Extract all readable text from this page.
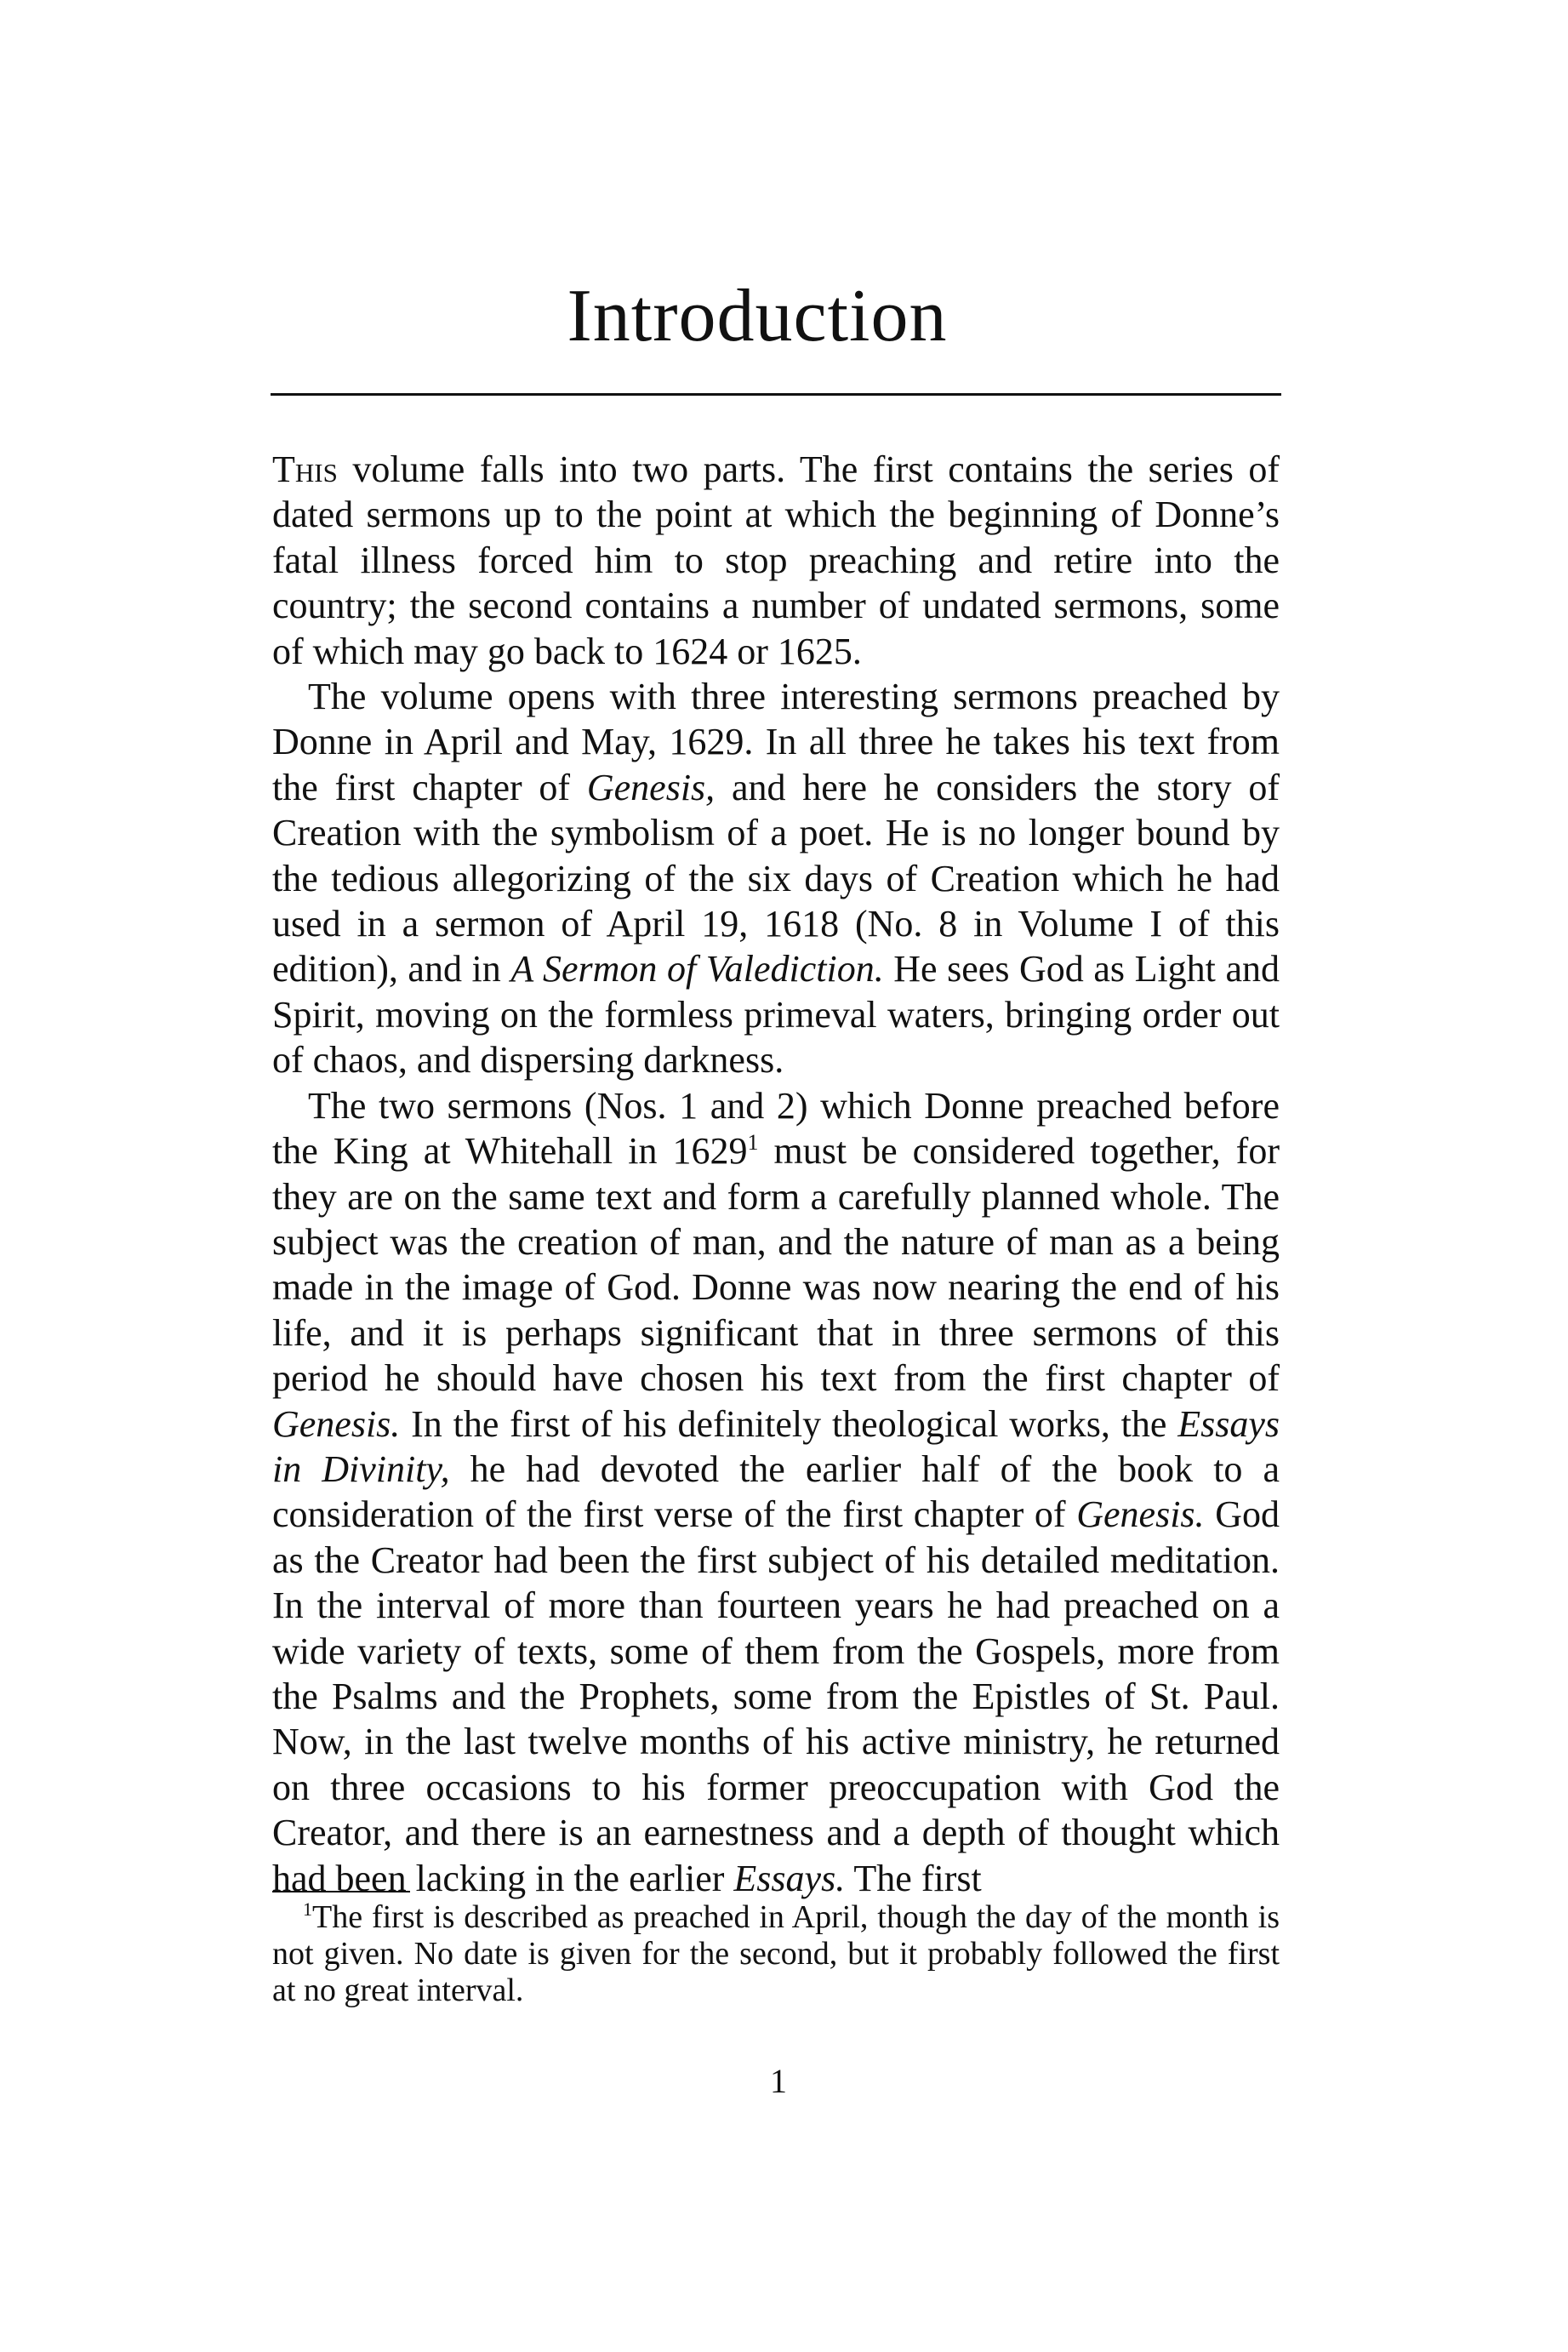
Introduction

This volume falls into two parts. The first contains the series of dated sermons up to the point at which the beginning of Donne’s fatal illness forced him to stop preaching and retire into the country; the second contains a number of undated sermons, some of which may go back to 1624 or 1625.

The volume opens with three interesting sermons preached by Donne in April and May, 1629. In all three he takes his text from the first chapter of Genesis, and here he considers the story of Creation with the symbolism of a poet. He is no longer bound by the tedious allegorizing of the six days of Creation which he had used in a sermon of April 19, 1618 (No. 8 in Volume I of this edition), and in A Sermon of Valediction. He sees God as Light and Spirit, moving on the formless primeval waters, bringing order out of chaos, and dispersing darkness.

The two sermons (Nos. 1 and 2) which Donne preached before the King at Whitehall in 1629$^1$ must be considered together, for they are on the same text and form a carefully planned whole. The subject was the creation of man, and the nature of man as a being made in the image of God. Donne was now nearing the end of his life, and it is perhaps significant that in three sermons of this period he should have chosen his text from the first chapter of Genesis. In the first of his definitely theological works, the Essays in Divinity, he had devoted the earlier half of the book to a consideration of the first verse of the first chapter of Genesis. God as the Creator had been the first subject of his detailed meditation. In the interval of more than fourteen years he had preached on a wide variety of texts, some of them from the Gospels, more from the Psalms and the Prophets, some from the Epistles of St. Paul. Now, in the last twelve months of his active ministry, he returned on three occasions to his former preoccupation with God the Creator, and there is an earnestness and a depth of thought which had been lacking in the earlier Essays. The first

$^1$The first is described as preached in April, though the day of the month is not given. No date is given for the second, but it probably followed the first at no great interval.

1
